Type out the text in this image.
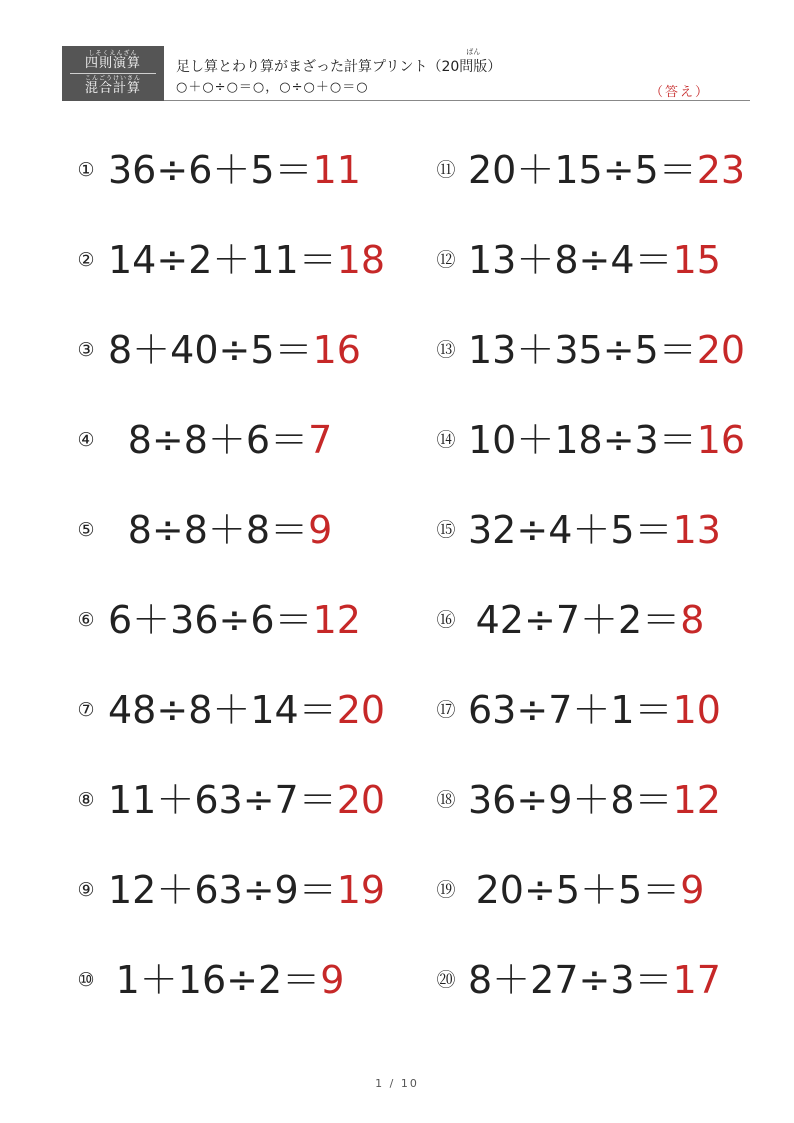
しそくえんざん
四則演算
こんごうけいさん
混合計算
足し算とわり算がまざった計算プリント（20問版
ばん
）
○＋○÷○＝○，○÷○＋○＝○	（答え）
① 36÷6＋5＝11	⑪ 20＋15÷5＝23
② 14÷2＋11＝18	⑫ 13＋8÷4＝15
③ 8＋40÷5＝16	⑬ 13＋35÷5＝20
④ 8÷8＋6＝7	⑭ 10＋18÷3＝16
⑤ 8÷8＋8＝9	⑮ 32÷4＋5＝13
⑥ 6＋36÷6＝12	⑯ 42÷7＋2＝8
⑦ 48÷8＋14＝20	⑰ 63÷7＋1＝10
⑧ 11＋63÷7＝20	⑱ 36÷9＋8＝12
⑨ 12＋63÷9＝19	⑲ 20÷5＋5＝9
⑩ 1＋16÷2＝9	⑳ 8＋27÷3＝17
1 / 10
